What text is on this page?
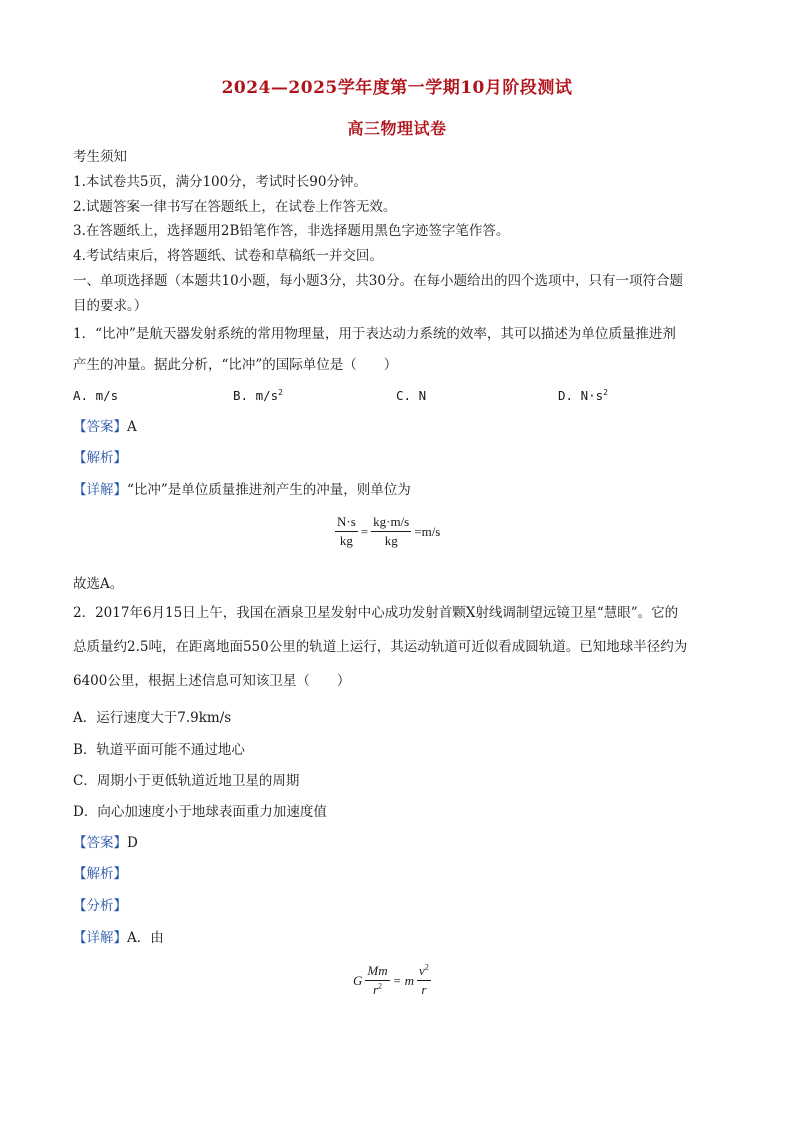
2024—2025学年度第一学期10月阶段测试
高三物理试卷
考生须知
1.本试卷共5页，满分100分，考试时长90分钟。
2.试题答案一律书写在答题纸上，在试卷上作答无效。
3.在答题纸上，选择题用2B铅笔作答，非选择题用黑色字迹签字笔作答。
4.考试结束后，将答题纸、试卷和草稿纸一并交回。
一、单项选择题（本题共10小题，每小题3分，共30分。在每小题给出的四个选项中，只有一项符合题
目的要求。）
1．“比冲”是航天器发射系统的常用物理量，用于表达动力系统的效率，其可以描述为单位质量推进剂
产生的冲量。据此分析，“比冲”的国际单位是（　　）
A. m/s	B. $m/s^2$	C. N	D. $N\cdot s^2$
【答案】A
【解析】
【详解】“比冲”是单位质量推进剂产生的冲量，则单位为
$\frac{N\cdot s}{kg} = \frac{kg\cdot m/s}{kg} =m/s$
故选A。
2．2017年6月15日上午，我国在酒泉卫星发射中心成功发射首颗X射线调制望远镜卫星“慧眼”。它的
总质量约2.5吨，在距离地面550公里的轨道上运行，其运动轨道可近似看成圆轨道。已知地球半径约为
6400公里，根据上述信息可知该卫星（　　）
A．运行速度大于7.9km/s
B．轨道平面可能不通过地心
C．周期小于更低轨道近地卫星的周期
D．向心加速度小于地球表面重力加速度值
【答案】D
【解析】
【分析】
【详解】A．由
G $\frac{Mm}{r^2} = m \frac{v^2}{r}$
